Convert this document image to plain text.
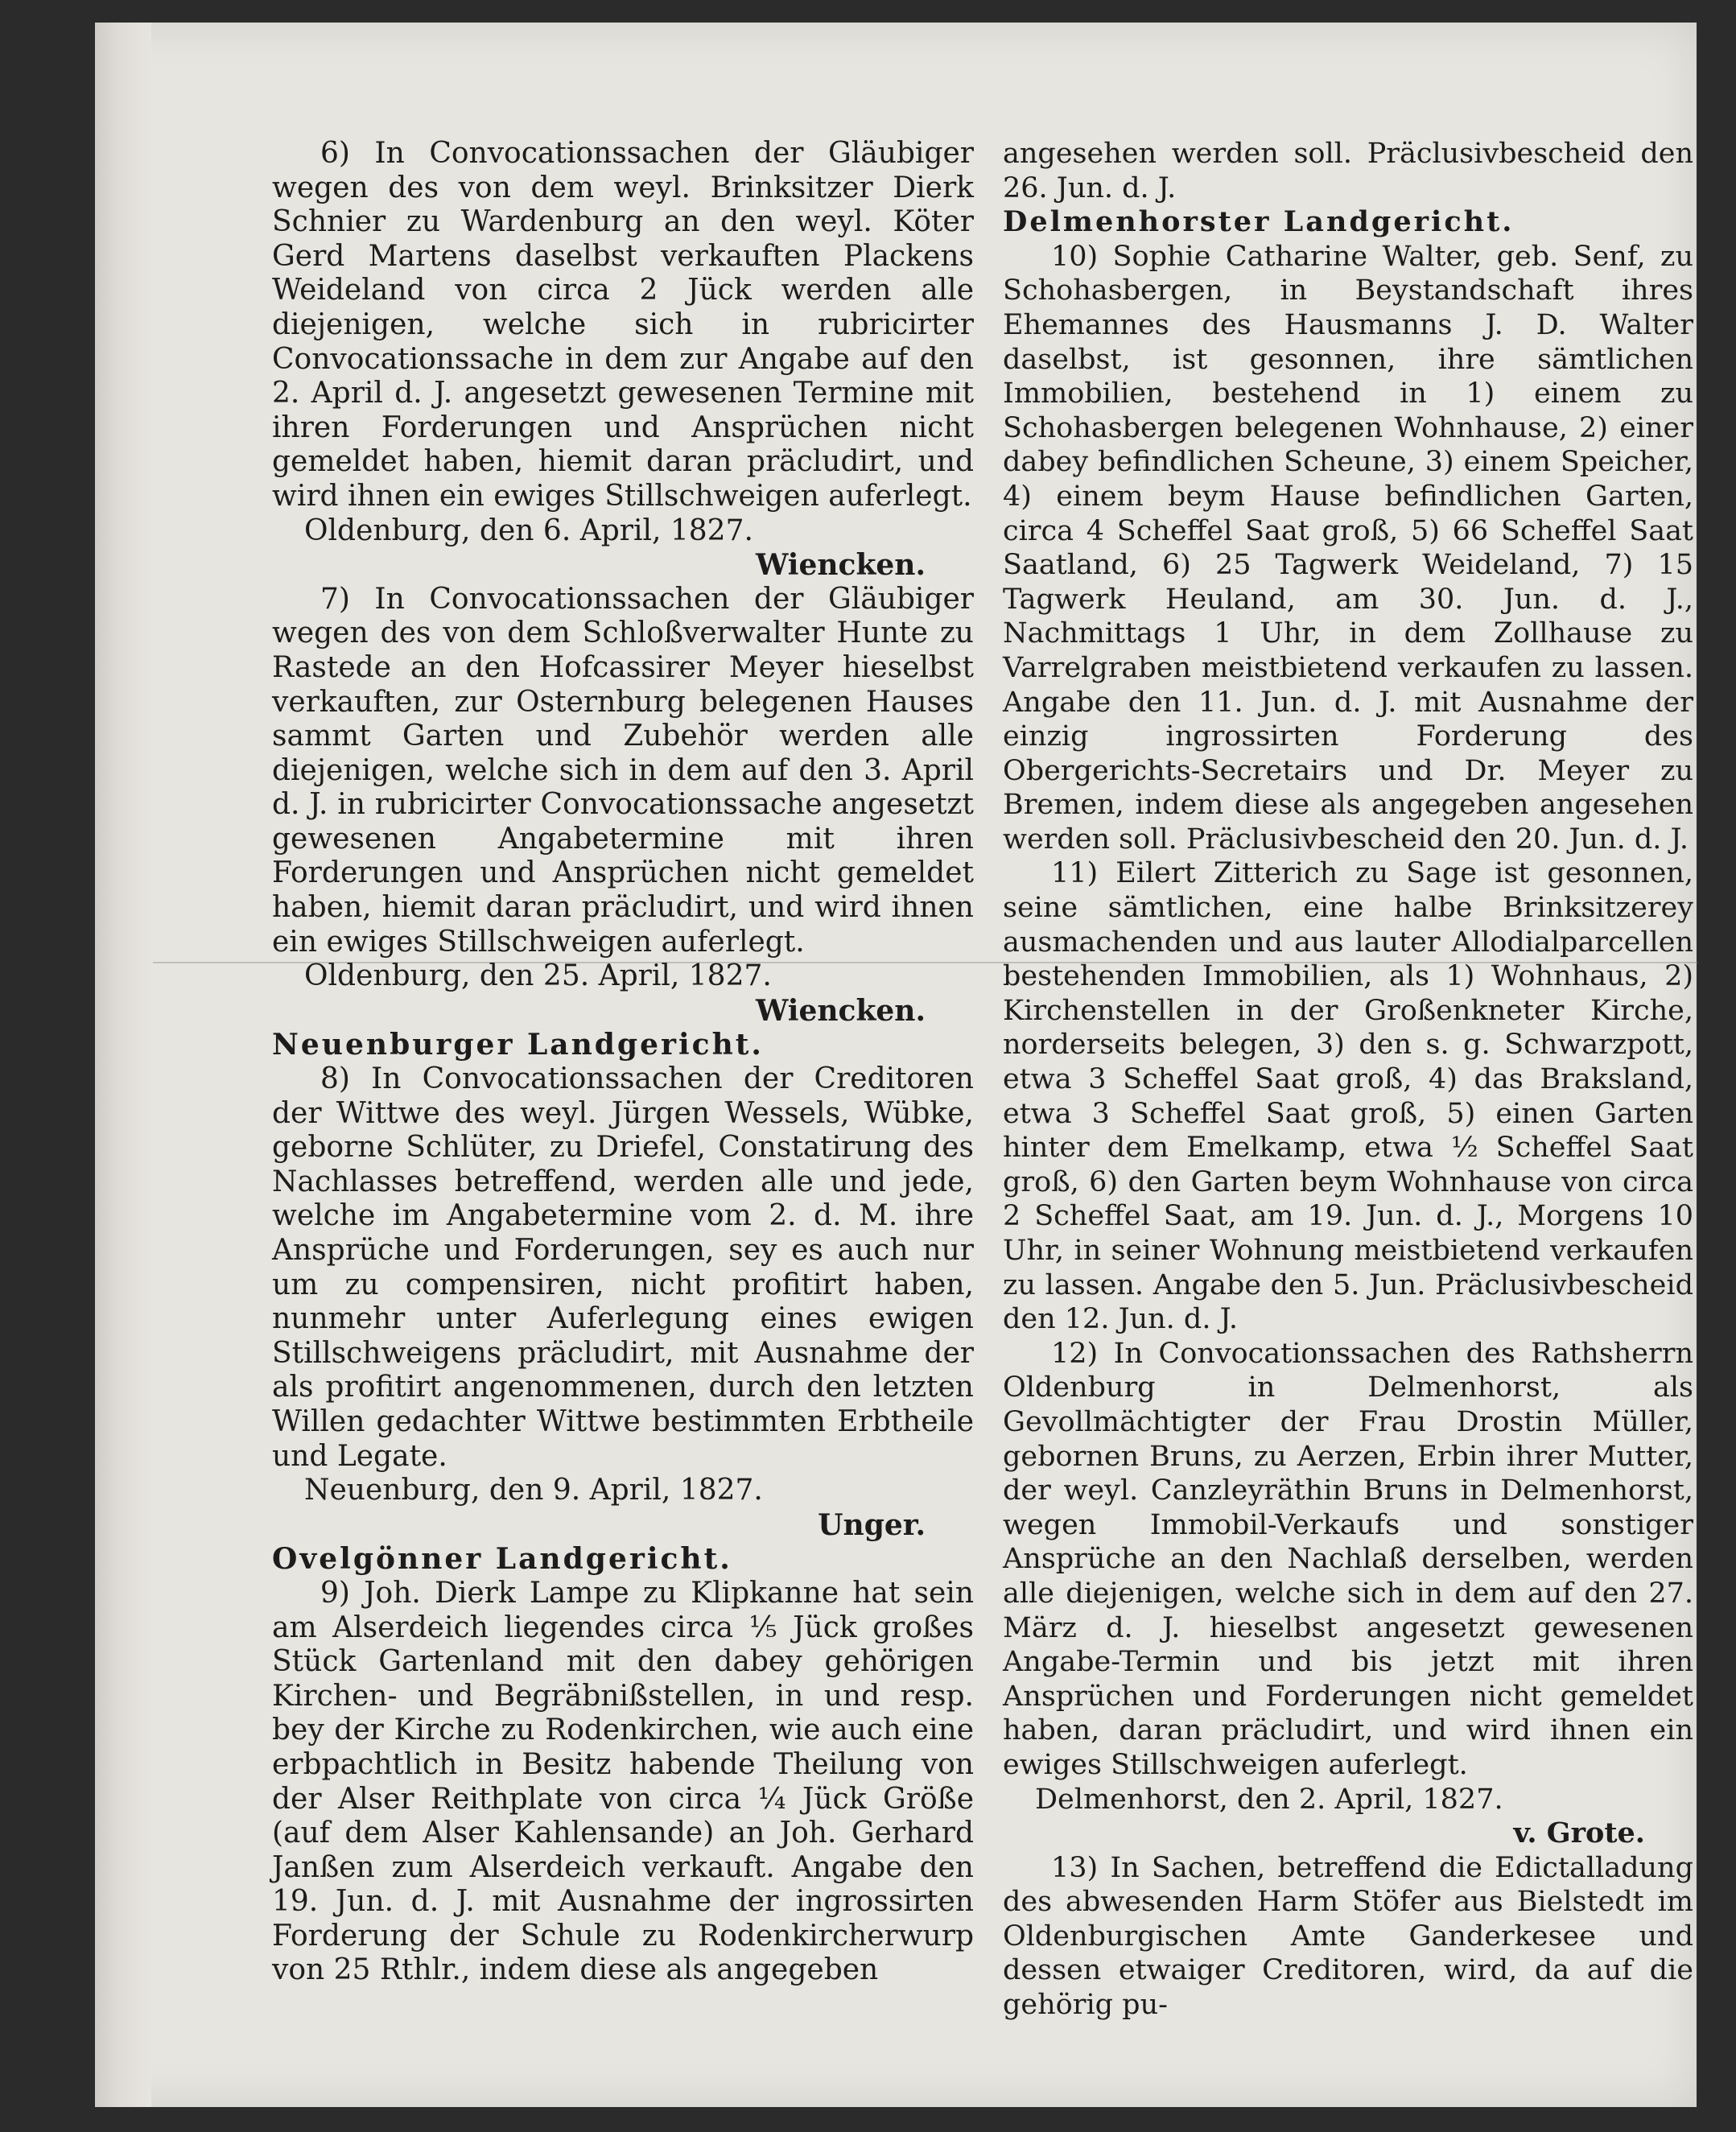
6) In Convocationssachen der Gläubiger wegen des von dem weyl. Brinksitzer Dierk Schnier zu Wardenburg an den weyl. Köter Gerd Martens daselbst verkauften Plackens Weideland von circa 2 Jück werden alle diejenigen, welche sich in rubricirter Convocationssache in dem zur Angabe auf den 2. April d. J. angesetzt gewesenen Termine mit ihren Forderungen und Ansprüchen nicht gemeldet haben, hiemit daran präcludirt, und wird ihnen ein ewiges Stillschweigen auferlegt.

Oldenburg, den 6. April, 1827.

Wiencken.

7) In Convocationssachen der Gläubiger wegen des von dem Schloßverwalter Hunte zu Rastede an den Hofcassirer Meyer hieselbst verkauften, zur Osternburg belegenen Hauses sammt Garten und Zubehör werden alle diejenigen, welche sich in dem auf den 3. April d. J. in rubricirter Convocationssache angesetzt gewesenen Angabetermine mit ihren Forderungen und Ansprüchen nicht gemeldet haben, hiemit daran präcludirt, und wird ihnen ein ewiges Stillschweigen auferlegt.

Oldenburg, den 25. April, 1827.

Wiencken.

Neuenburger Landgericht.

8) In Convocationssachen der Creditoren der Wittwe des weyl. Jürgen Wessels, Wübke, geborne Schlüter, zu Driefel, Constatirung des Nachlasses betreffend, werden alle und jede, welche im Angabetermine vom 2. d. M. ihre Ansprüche und Forderungen, sey es auch nur um zu compensiren, nicht profitirt haben, nunmehr unter Auferlegung eines ewigen Stillschweigens präcludirt, mit Ausnahme der als profitirt angenommenen, durch den letzten Willen gedachter Wittwe bestimmten Erbtheile und Legate.

Neuenburg, den 9. April, 1827.

Unger.

Ovelgönner Landgericht.

9) Joh. Dierk Lampe zu Klipkanne hat sein am Alserdeich liegendes circa ⅕ Jück großes Stück Gartenland mit den dabey gehörigen Kirchen- und Begräbnißstellen, in und resp. bey der Kirche zu Rodenkirchen, wie auch eine erbpachtlich in Besitz habende Theilung von der Alser Reithplate von circa ¼ Jück Größe (auf dem Alser Kahlensande) an Joh. Gerhard Janßen zum Alserdeich verkauft. Angabe den 19. Jun. d. J. mit Ausnahme der ingrossirten Forderung der Schule zu Rodenkircherwurp von 25 Rthlr., indem diese als angegeben

angesehen werden soll. Präclusivbescheid den 26. Jun. d. J.

Delmenhorster Landgericht.

10) Sophie Catharine Walter, geb. Senf, zu Schohasbergen, in Beystandschaft ihres Ehemannes des Hausmanns J. D. Walter daselbst, ist gesonnen, ihre sämtlichen Immobilien, bestehend in 1) einem zu Schohasbergen belegenen Wohnhause, 2) einer dabey befindlichen Scheune, 3) einem Speicher, 4) einem beym Hause befindlichen Garten, circa 4 Scheffel Saat groß, 5) 66 Scheffel Saat Saatland, 6) 25 Tagwerk Weideland, 7) 15 Tagwerk Heuland, am 30. Jun. d. J., Nachmittags 1 Uhr, in dem Zollhause zu Varrelgraben meistbietend verkaufen zu lassen. Angabe den 11. Jun. d. J. mit Ausnahme der einzig ingrossirten Forderung des Obergerichts-Secretairs und Dr. Meyer zu Bremen, indem diese als angegeben angesehen werden soll. Präclusivbescheid den 20. Jun. d. J.

11) Eilert Zitterich zu Sage ist gesonnen, seine sämtlichen, eine halbe Brinksitzerey ausmachenden und aus lauter Allodialparcellen bestehenden Immobilien, als 1) Wohnhaus, 2) Kirchenstellen in der Großenkneter Kirche, norderseits belegen, 3) den s. g. Schwarzpott, etwa 3 Scheffel Saat groß, 4) das Braksland, etwa 3 Scheffel Saat groß, 5) einen Garten hinter dem Emelkamp, etwa ½ Scheffel Saat groß, 6) den Garten beym Wohnhause von circa 2 Scheffel Saat, am 19. Jun. d. J., Morgens 10 Uhr, in seiner Wohnung meistbietend verkaufen zu lassen. Angabe den 5. Jun. Präclusivbescheid den 12. Jun. d. J.

12) In Convocationssachen des Rathsherrn Oldenburg in Delmenhorst, als Gevollmächtigter der Frau Drostin Müller, gebornen Bruns, zu Aerzen, Erbin ihrer Mutter, der weyl. Canzleyräthin Bruns in Delmenhorst, wegen Immobil-Verkaufs und sonstiger Ansprüche an den Nachlaß derselben, werden alle diejenigen, welche sich in dem auf den 27. März d. J. hieselbst angesetzt gewesenen Angabe-Termin und bis jetzt mit ihren Ansprüchen und Forderungen nicht gemeldet haben, daran präcludirt, und wird ihnen ein ewiges Stillschweigen auferlegt.

Delmenhorst, den 2. April, 1827.

v. Grote.

13) In Sachen, betreffend die Edictalladung des abwesenden Harm Stöfer aus Bielstedt im Oldenburgischen Amte Ganderkesee und dessen etwaiger Creditoren, wird, da auf die gehörig pu-
